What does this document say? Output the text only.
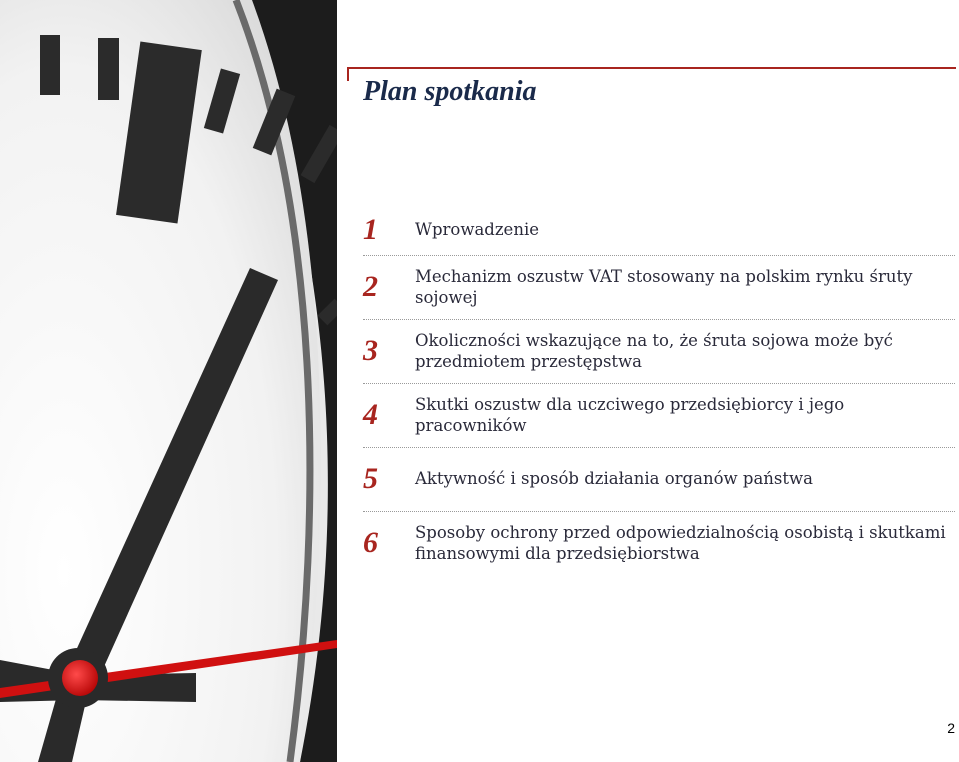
Plan spotkania
1	Wprowadzenie
2	Mechanizm oszustw VAT stosowany na polskim rynku śruty sojowej
3	Okoliczności wskazujące na to, że śruta sojowa może być przedmiotem przestępstwa
4	Skutki oszustw dla uczciwego przedsiębiorcy i jego pracowników
5	Aktywność i sposób działania organów państwa
6	Sposoby ochrony przed odpowiedzialnością osobistą i skutkami finansowymi dla przedsiębiorstwa
2
